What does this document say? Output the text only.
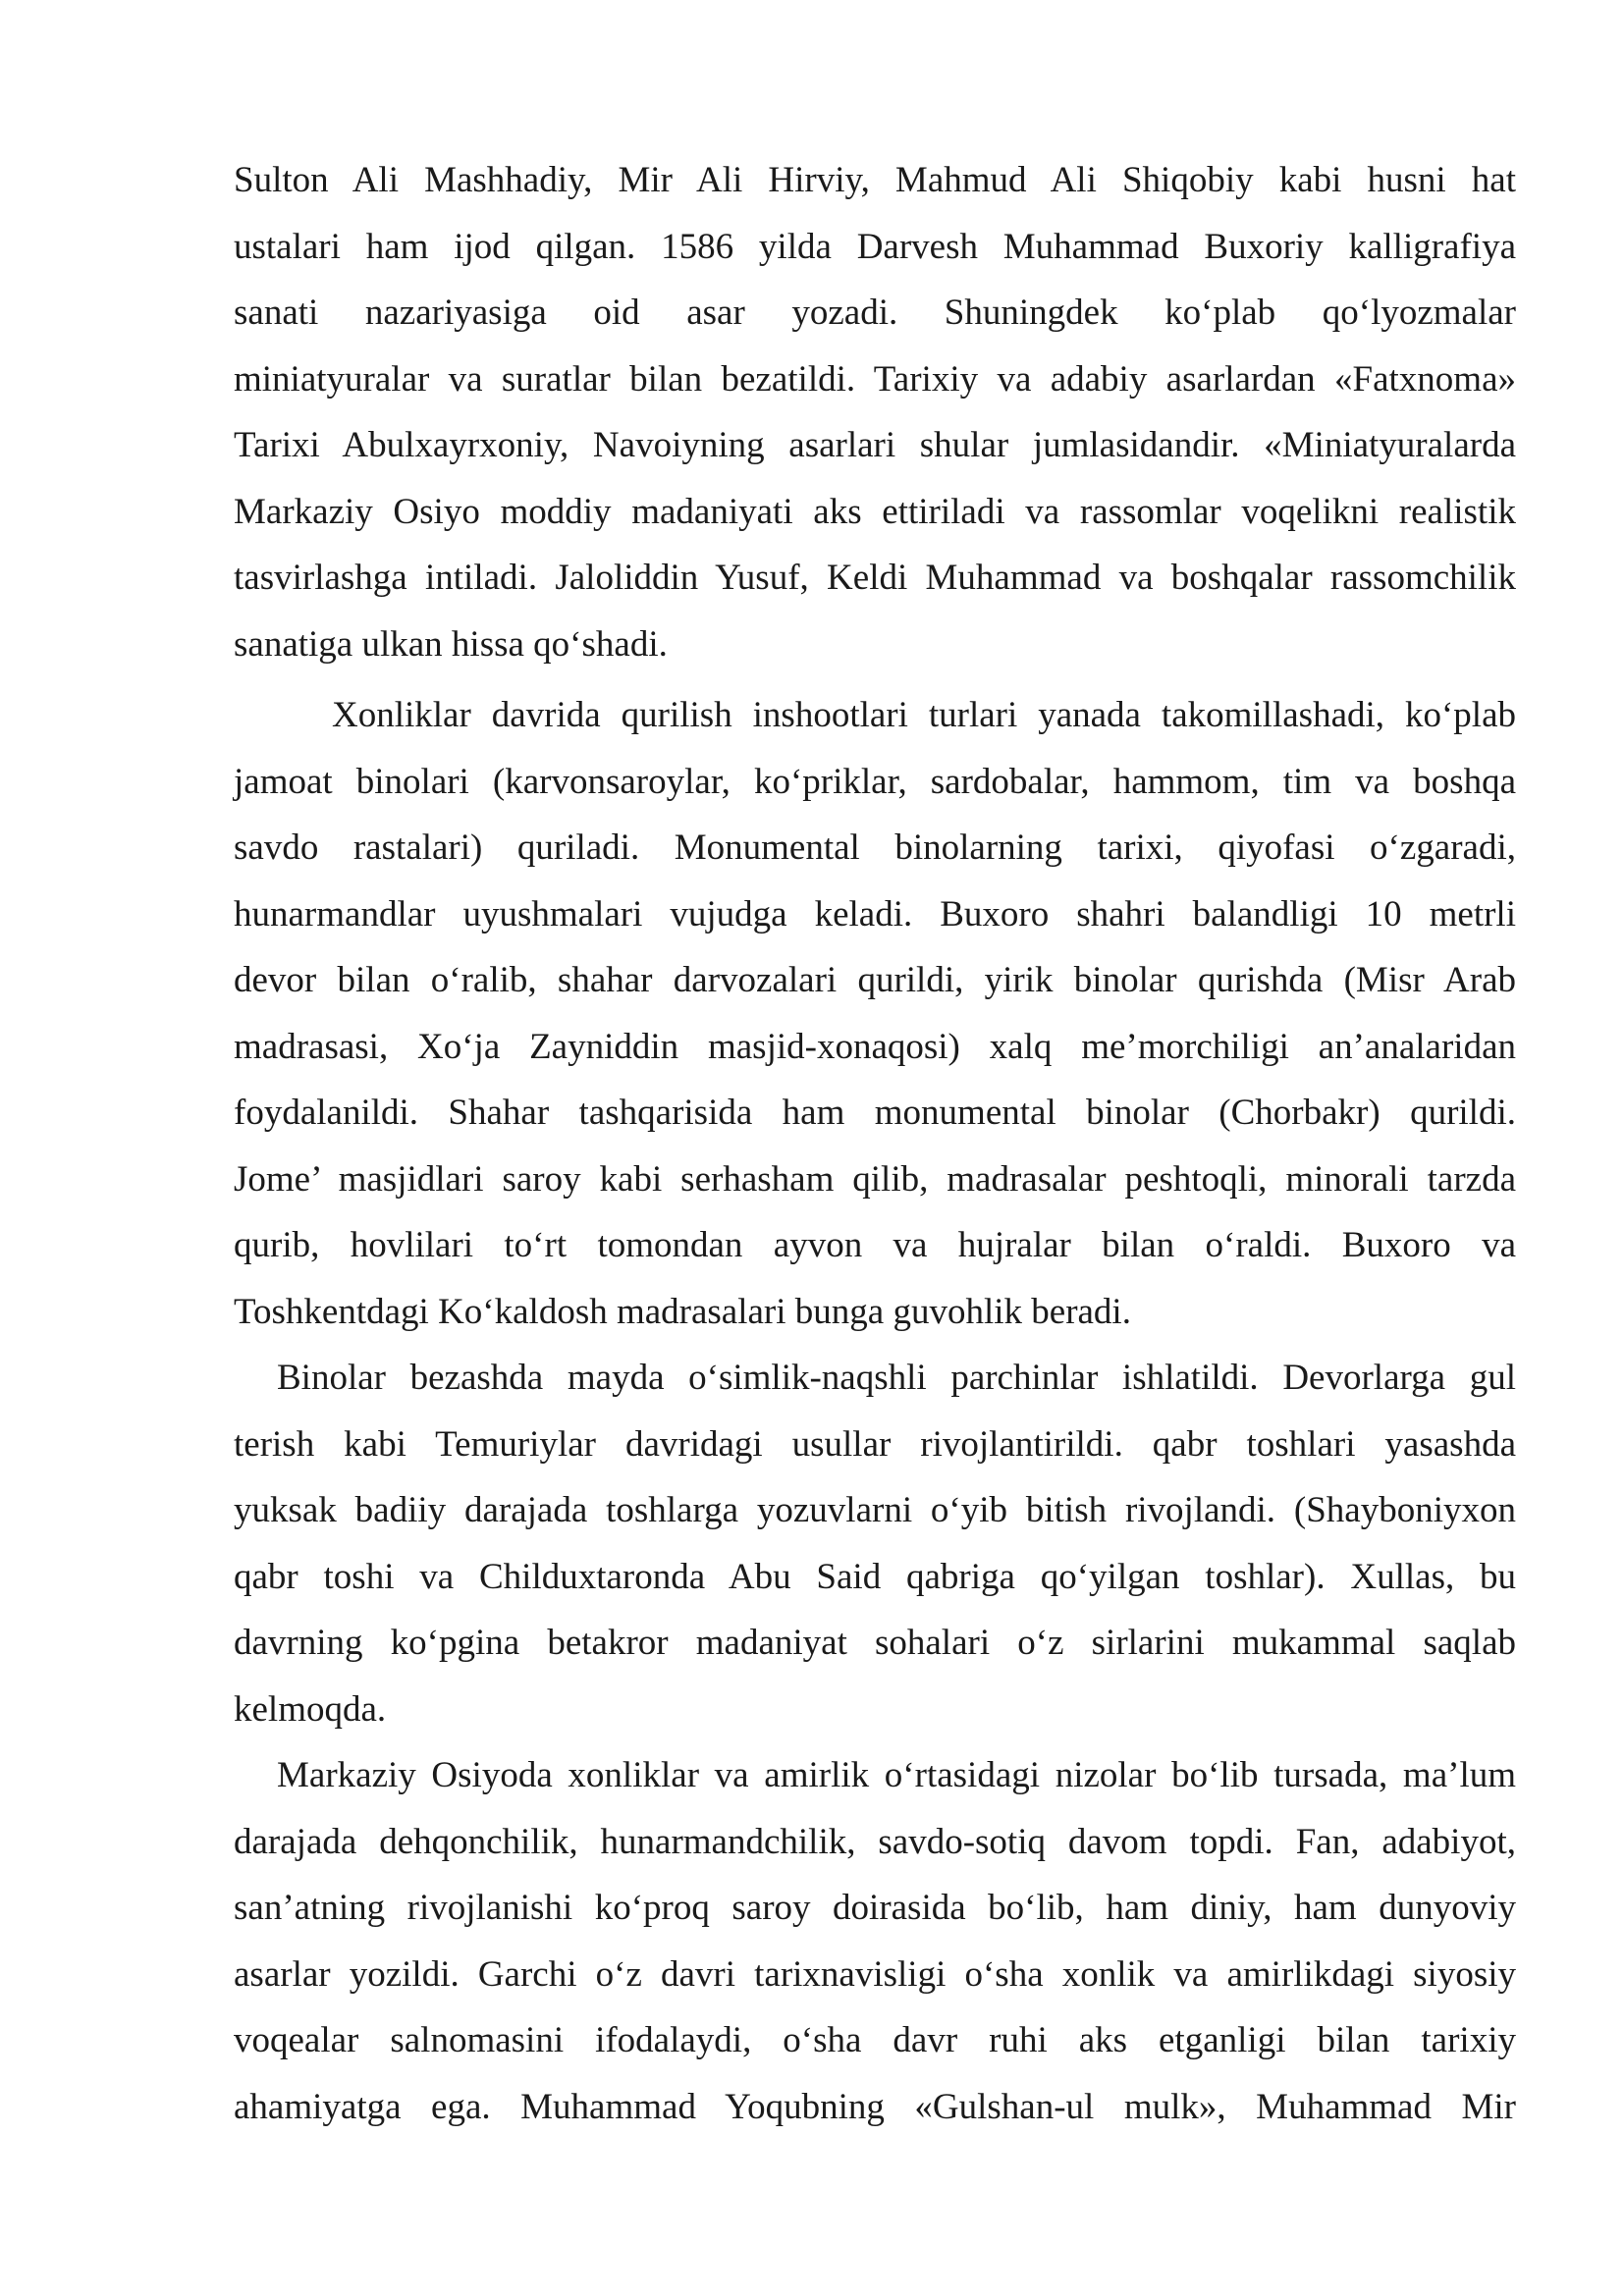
Sulton Ali Mashhadiy, Mir Ali Hirviy, Mahmud Ali Shiqobiy kabi husni hat
ustalari ham ijod qilgan. 1586 yilda Darvesh Muhammad Buxoriy kalligrafiya
sanati nazariyasiga oid asar yozadi. Shuningdek ko‘plab qo‘lyozmalar
miniatyuralar va suratlar bilan bezatildi. Tarixiy va adabiy asarlardan «Fatxnoma»
Tarixi Abulxayrxoniy, Navoiyning asarlari shular jumlasidandir. «Miniatyuralarda
Markaziy Osiyo moddiy madaniyati aks ettiriladi va rassomlar voqelikni realistik
tasvirlashga intiladi. Jaloliddin Yusuf, Keldi Muhammad va boshqalar rassomchilik
sanatiga ulkan hissa qo‘shadi.
Xonliklar davrida qurilish inshootlari turlari yanada takomillashadi, ko‘plab
jamoat binolari (karvonsaroylar, ko‘priklar, sardobalar, hammom, tim va boshqa
savdo rastalari) quriladi. Monumental binolarning tarixi, qiyofasi o‘zgaradi,
hunarmandlar uyushmalari vujudga keladi. Buxoro shahri balandligi 10 metrli
devor bilan o‘ralib, shahar darvozalari qurildi, yirik binolar qurishda (Misr Arab
madrasasi, Xo‘ja Zayniddin masjid-xonaqosi) xalq me’morchiligi an’analaridan
foydalanildi. Shahar tashqarisida ham monumental binolar (Chorbakr) qurildi.
Jome’ masjidlari saroy kabi serhasham qilib, madrasalar peshtoqli, minorali tarzda
qurib, hovlilari to‘rt tomondan ayvon va hujralar bilan o‘raldi. Buxoro va
Toshkentdagi Ko‘kaldosh madrasalari bunga guvohlik beradi.
Binolar bezashda mayda o‘simlik-naqshli parchinlar ishlatildi. Devorlarga gul
terish kabi Temuriylar davridagi usullar rivojlantirildi. qabr toshlari yasashda
yuksak badiiy darajada toshlarga yozuvlarni o‘yib bitish rivojlandi. (Shayboniyxon
qabr toshi va Childuxtaronda Abu Said qabriga qo‘yilgan toshlar). Xullas, bu
davrning ko‘pgina betakror madaniyat sohalari o‘z sirlarini mukammal saqlab
kelmoqda.
Markaziy Osiyoda xonliklar va amirlik o‘rtasidagi nizolar bo‘lib tursada, ma’lum
darajada dehqonchilik, hunarmandchilik, savdo-sotiq davom topdi. Fan, adabiyot,
san’atning rivojlanishi ko‘proq saroy doirasida bo‘lib, ham diniy, ham dunyoviy
asarlar yozildi. Garchi o‘z davri tarixnavisligi o‘sha xonlik va amirlikdagi siyosiy
voqealar salnomasini ifodalaydi, o‘sha davr ruhi aks etganligi bilan tarixiy
ahamiyatga ega. Muhammad Yoqubning «Gulshan-ul mulk», Muhammad Mir
